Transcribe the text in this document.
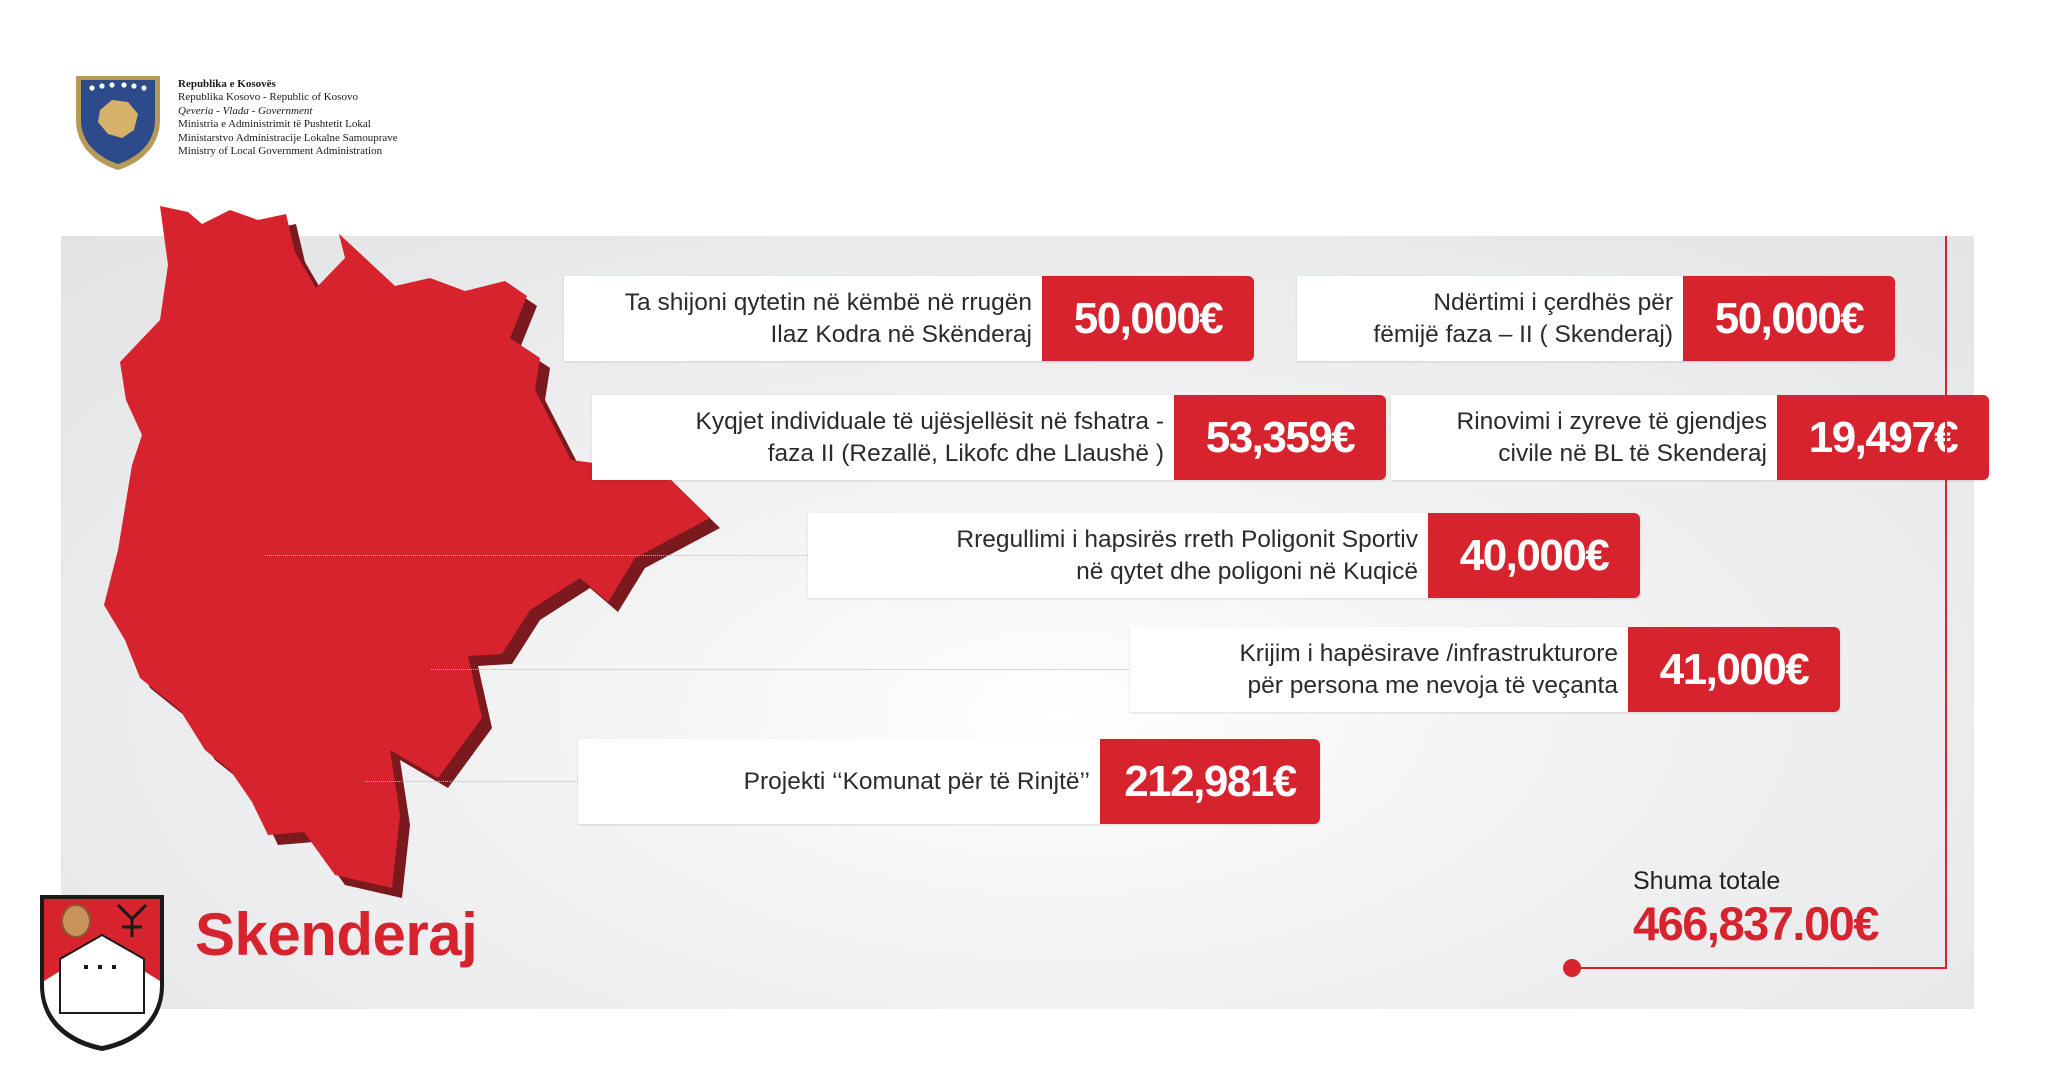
Republika e Kosovës
Republika Kosovo - Republic of Kosovo
Qeveria - Vlada - Government
Ministria e Administrimit të Pushtetit Lokal
Ministarstvo Administracije Lokalne Samouprave
Ministry of Local Government Administration
Ta shijoni qytetin në këmbë në rrugën
Ilaz Kodra në Skënderaj 50,000€	Ndërtimi i çerdhës për
fëmijë faza – II ( Skenderaj) 50,000€
Kyqjet individuale të ujësjellësit në fshatra -
faza II (Rezallë, Likofc dhe Llaushë ) 53,359€	Rinovimi i zyreve të gjendjes
civile në BL të Skenderaj 19,497€
Rregullimi i hapsirës rreth Poligonit Sportiv
në qytet dhe poligoni në Kuqicë 40,000€
Krijim i hapësirave /infrastrukturore
për persona me nevoja të veçanta 41,000€
Projekti ‘‘Komunat për të Rinjtë’’ 212,981€
Shuma totale
466,837.00€
Skenderaj
